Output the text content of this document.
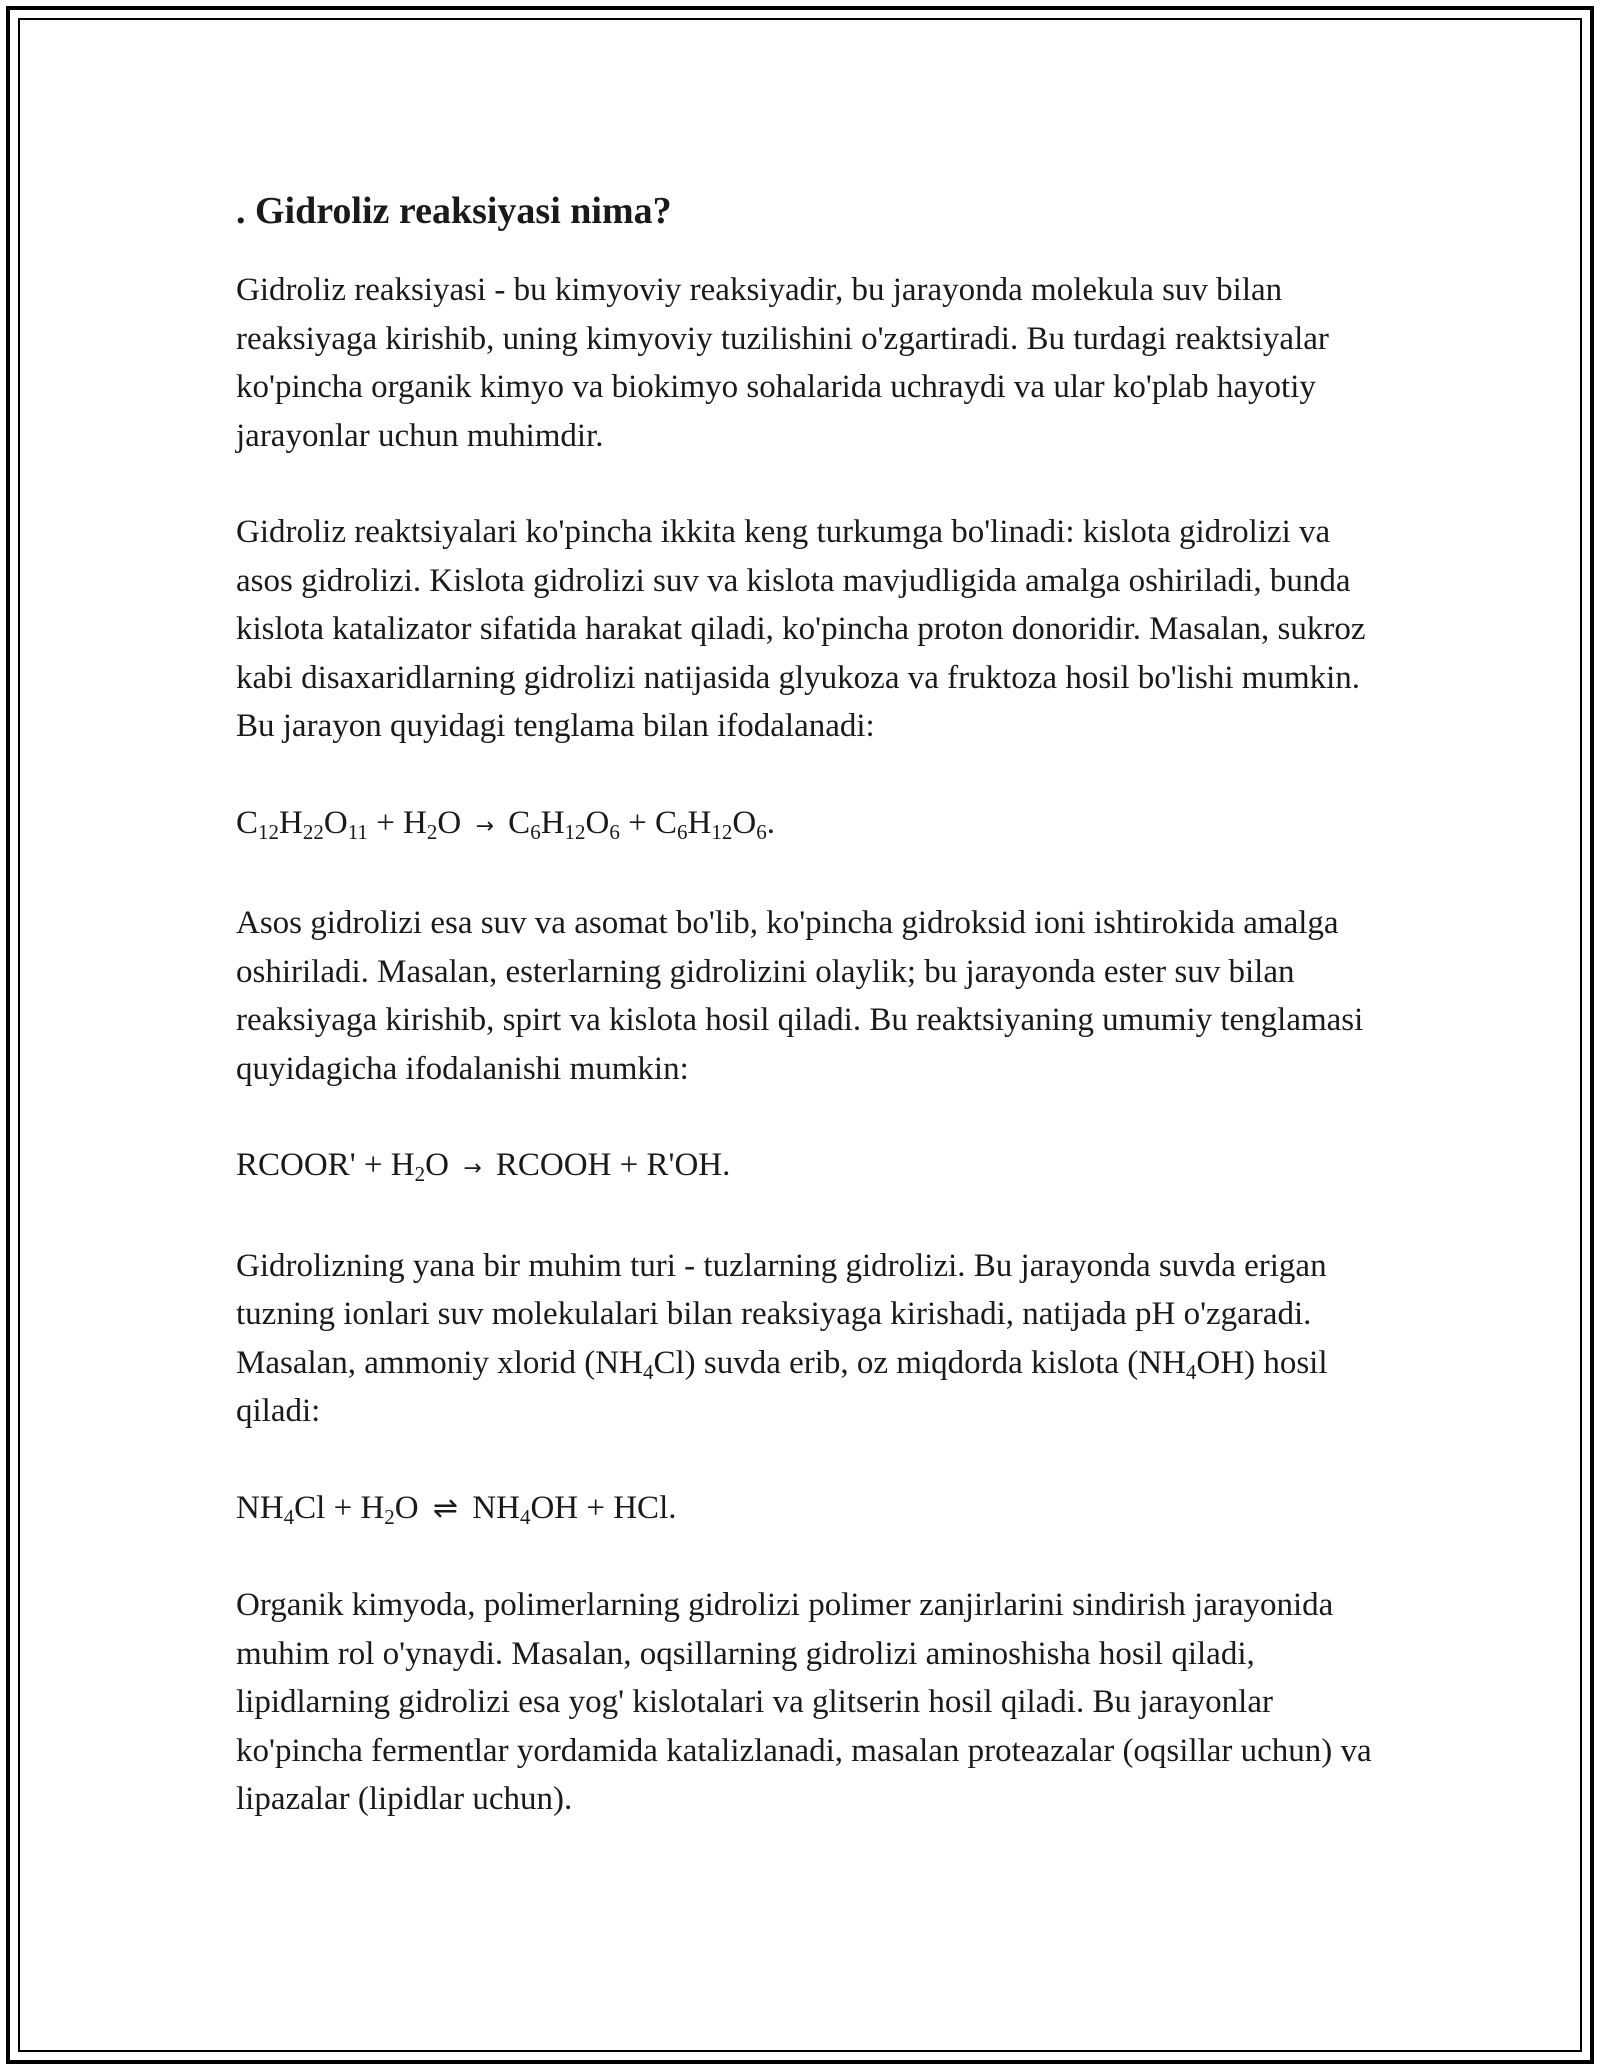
. Gidroliz reaksiyasi nima?

Gidroliz reaksiyasi - bu kimyoviy reaksiyadir, bu jarayonda molekula suv bilan reaksiyaga kirishib, uning kimyoviy tuzilishini o'zgartiradi. Bu turdagi reaktsiyalar ko'pincha organik kimyo va biokimyo sohalarida uchraydi va ular ko'plab hayotiy jarayonlar uchun muhimdir.

Gidroliz reaktsiyalari ko'pincha ikkita keng turkumga bo'linadi: kislota gidrolizi va asos gidrolizi. Kislota gidrolizi suv va kislota mavjudligida amalga oshiriladi, bunda kislota katalizator sifatida harakat qiladi, ko'pincha proton donoridir. Masalan, sukroz kabi disaxaridlarning gidrolizi natijasida glyukoza va fruktoza hosil bo'lishi mumkin. Bu jarayon quyidagi tenglama bilan ifodalanadi:

$C_{12}H_{22}O_{11} + H_2O \to C_6H_{12}O_6 + C_6H_{12}O_6$.

Asos gidrolizi esa suv va asomat bo'lib, ko'pincha gidroksid ioni ishtirokida amalga oshiriladi. Masalan, esterlarning gidrolizini olaylik; bu jarayonda ester suv bilan reaksiyaga kirishib, spirt va kislota hosil qiladi. Bu reaktsiyaning umumiy tenglamasi quyidagicha ifodalanishi mumkin:

RCOOR' + $H_2O$ → RCOOH + R'OH.

Gidrolizning yana bir muhim turi - tuzlarning gidrolizi. Bu jarayonda suvda erigan tuzning ionlari suv molekulalari bilan reaksiyaga kirishadi, natijada pH o'zgaradi. Masalan, ammoniy xlorid $(NH_4Cl)$ suvda erib, oz miqdorda kislota $(NH_4OH)$ hosil qiladi:

$NH_4Cl + H_2O$ ⇌ $NH_4OH$ + HCl.

Organik kimyoda, polimerlarning gidrolizi polimer zanjirlarini sindirish jarayonida muhim rol o'ynaydi. Masalan, oqsillarning gidrolizi aminoshisha hosil qiladi, lipidlarning gidrolizi esa yog' kislotalari va glitserin hosil qiladi. Bu jarayonlar ko'pincha fermentlar yordamida katalizlanadi, masalan proteazalar (oqsillar uchun) va lipazalar (lipidlar uchun).
